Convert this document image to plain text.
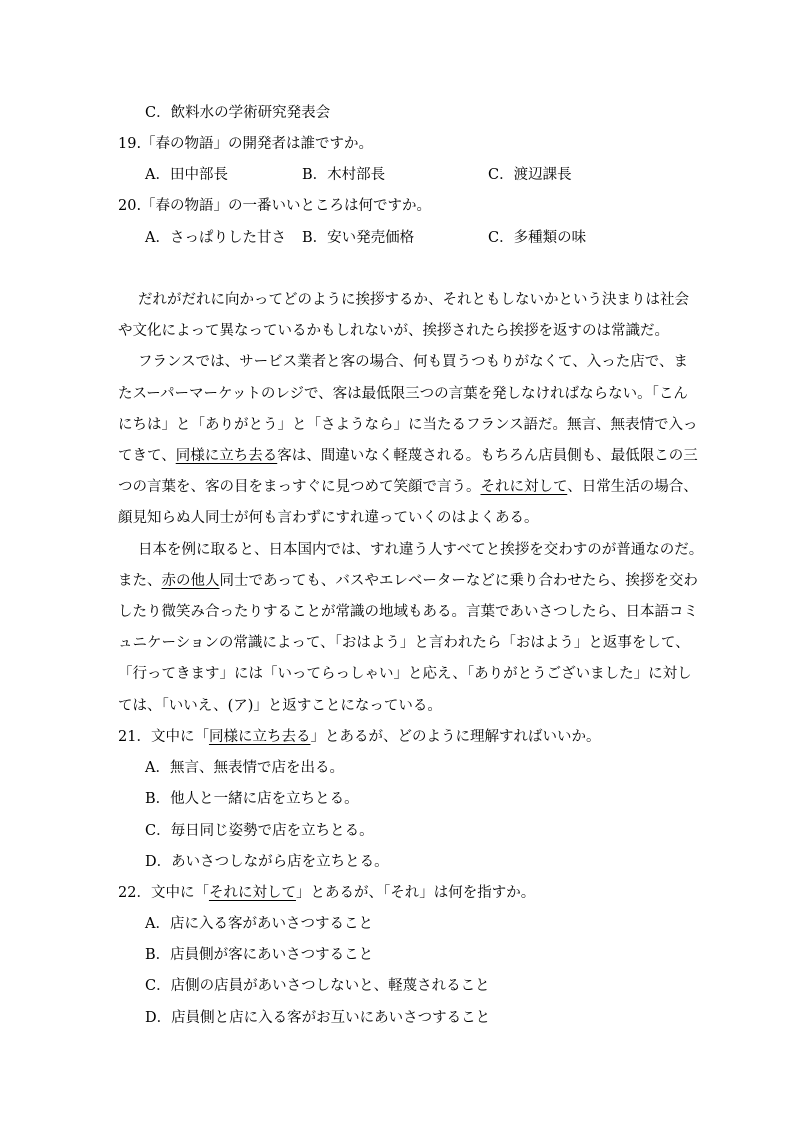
C．飲料水の学術研究発表会
19.「春の物語」の開発者は誰ですか。
A．田中部長	B．木村部長	C．渡辺課長
20.「春の物語」の一番いいところは何ですか。
A．さっぱりした甘さ B．安い発売価格	C．多種類の味
だれがだれに向かってどのように挨拶するか、それともしないかという決まりは社会
や文化によって異なっているかもしれないが、挨拶されたら挨拶を返すのは常識だ。
フランスでは、サービス業者と客の場合、何も買うつもりがなくて、入った店で、ま
たスーパーマーケットのレジで、客は最低限三つの言葉を発しなければならない。「こん
にちは」と「ありがとう」と「さようなら」に当たるフランス語だ。無言、無表情で入っ
てきて、同様に立ち去る客は、間違いなく軽蔑される。もちろん店員側も、最低限この三
つの言葉を、客の目をまっすぐに見つめて笑顔で言う。それに対して、日常生活の場合、
顔見知らぬ人同士が何も言わずにすれ違っていくのはよくある。
日本を例に取ると、日本国内では、すれ違う人すべてと挨拶を交わすのが普通なのだ。
また、赤の他人同士であっても、バスやエレベーターなどに乗り合わせたら、挨拶を交わ
したり微笑み合ったりすることが常識の地域もある。言葉であいさつしたら、日本語コミ
ュニケーションの常識によって、「おはよう」と言われたら「おはよう」と返事をして、
「行ってきます」には「いってらっしゃい」と応え、「ありがとうございました」に対し
ては、「いいえ、(ア)」と返すことになっている。
21．文中に「同様に立ち去る」とあるが、どのように理解すればいいか。
A．無言、無表情で店を出る。
B．他人と一緒に店を立ちとる。
C．毎日同じ姿勢で店を立ちとる。
D．あいさつしながら店を立ちとる。
22．文中に「それに対して」とあるが、「それ」は何を指すか。
A．店に入る客があいさつすること
B．店員側が客にあいさつすること
C．店側の店員があいさつしないと、軽蔑されること
D．店員側と店に入る客がお互いにあいさつすること
